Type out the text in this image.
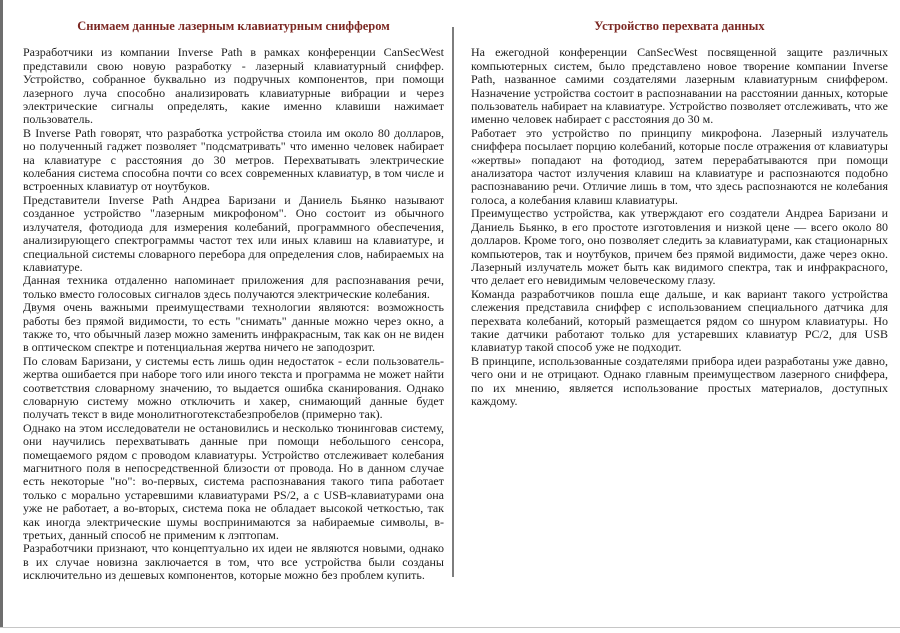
Снимаем данные лазерным клавиатурным сниффером

Разработчики из компании Inverse Path в рамках конференции CanSecWest представили свою новую разработку - лазерный клавиатурный сниффер. Устройство, собранное буквально из подручных компонентов, при помощи лазерного луча способно анализировать клавиатурные вибрации и через электрические сигналы определять, какие именно клавиши нажимает пользователь.

В Inverse Path говорят, что разработка устройства стоила им около 80 долларов, но полученный гаджет позволяет "подсматривать" что именно человек набирает на клавиатуре с расстояния до 30 метров. Перехватывать электрические колебания система способна почти со всех современных клавиатур, в том числе и встроенных клавиатур от ноутбуков.

Представители Inverse Path Андреа Баризани и Даниель Бьянко называют созданное устройство "лазерным микрофоном". Оно состоит из обычного излучателя, фотодиода для измерения колебаний, программного обеспечения, анализирующего спектрограммы частот тех или иных клавиш на клавиатуре, и специальной системы словарного перебора для определения слов, набираемых на клавиатуре.

Данная техника отдаленно напоминает приложения для распознавания речи, только вместо голосовых сигналов здесь получаются электрические колебания.

Двумя очень важными преимуществами технологии являются: возможность работы без прямой видимости, то есть "снимать" данные можно через окно, а также то, что обычный лазер можно заменить инфракрасным, так как он не виден в оптическом спектре и потенциальная жертва ничего не заподозрит.

По словам Баризани, у системы есть лишь один недостаток - если пользователь-жертва ошибается при наборе того или иного текста и программа не может найти соответствия словарному значению, то выдается ошибка сканирования. Однако словарную систему можно отключить и хакер, снимающий данные будет получать текст в виде монолитноготекстабезпробелов (примерно так).

Однако на этом исследователи не остановились и несколько тюнинговав систему, они научились перехватывать данные при помощи небольшого сенсора, помещаемого рядом с проводом клавиатуры. Устройство отслеживает колебания магнитного поля в непосредственной близости от провода. Но в данном случае есть некоторые "но": во-первых, система распознавания такого типа работает только с морально устаревшими клавиатурами PS/2, а с USB-клавиатурами она уже не работает, а во-вторых, система пока не обладает высокой четкостью, так как иногда электрические шумы воспринимаются за набираемые символы, в-третьих, данный способ не применим к лэптопам.

Разработчики признают, что концептуально их идеи не являются новыми, однако в их случае новизна заключается в том, что все устройства были созданы исключительно из дешевых компонентов, которые можно без проблем купить.

Устройство перехвата данных

На ежегодной конференции CanSecWest посвященной защите различных компьютерных систем, было представлено новое творение компании Inverse Path, названное самими создателями лазерным клавиатурным сниффером. Назначение устройства состоит в распознавании на расстоянии данных, которые пользователь набирает на клавиатуре. Устройство позволяет отслеживать, что же именно человек набирает с расстояния до 30 м.

Работает это устройство по принципу микрофона. Лазерный излучатель сниффера посылает порцию колебаний, которые после отражения от клавиатуры «жертвы» попадают на фотодиод, затем перерабатываются при помощи анализатора частот излучения клавиш на клавиатуре и распознаются подобно распознаванию речи. Отличие лишь в том, что здесь распознаются не колебания голоса, а колебания клавиш клавиатуры.

Преимущество устройства, как утверждают его создатели Андреа Баризани и Даниель Бьянко, в его простоте изготовления и низкой цене — всего около 80 долларов. Кроме того, оно позволяет следить за клавиатурами, как стационарных компьютеров, так и ноутбуков, причем без прямой видимости, даже через окно. Лазерный излучатель может быть как видимого спектра, так и инфракрасного, что делает его невидимым человеческому глазу.

Команда разработчиков пошла еще дальше, и как вариант такого устройства слежения представила сниффер с использованием специального датчика для перехвата колебаний, который размещается рядом со шнуром клавиатуры. Но такие датчики работают только для устаревших клавиатур PC/2, для USB клавиатур такой способ уже не подходит.

В принципе, использованные создателями прибора идеи разработаны уже давно, чего они и не отрицают. Однако главным преимуществом лазерного сниффера, по их мнению, является использование простых материалов, доступных каждому.
